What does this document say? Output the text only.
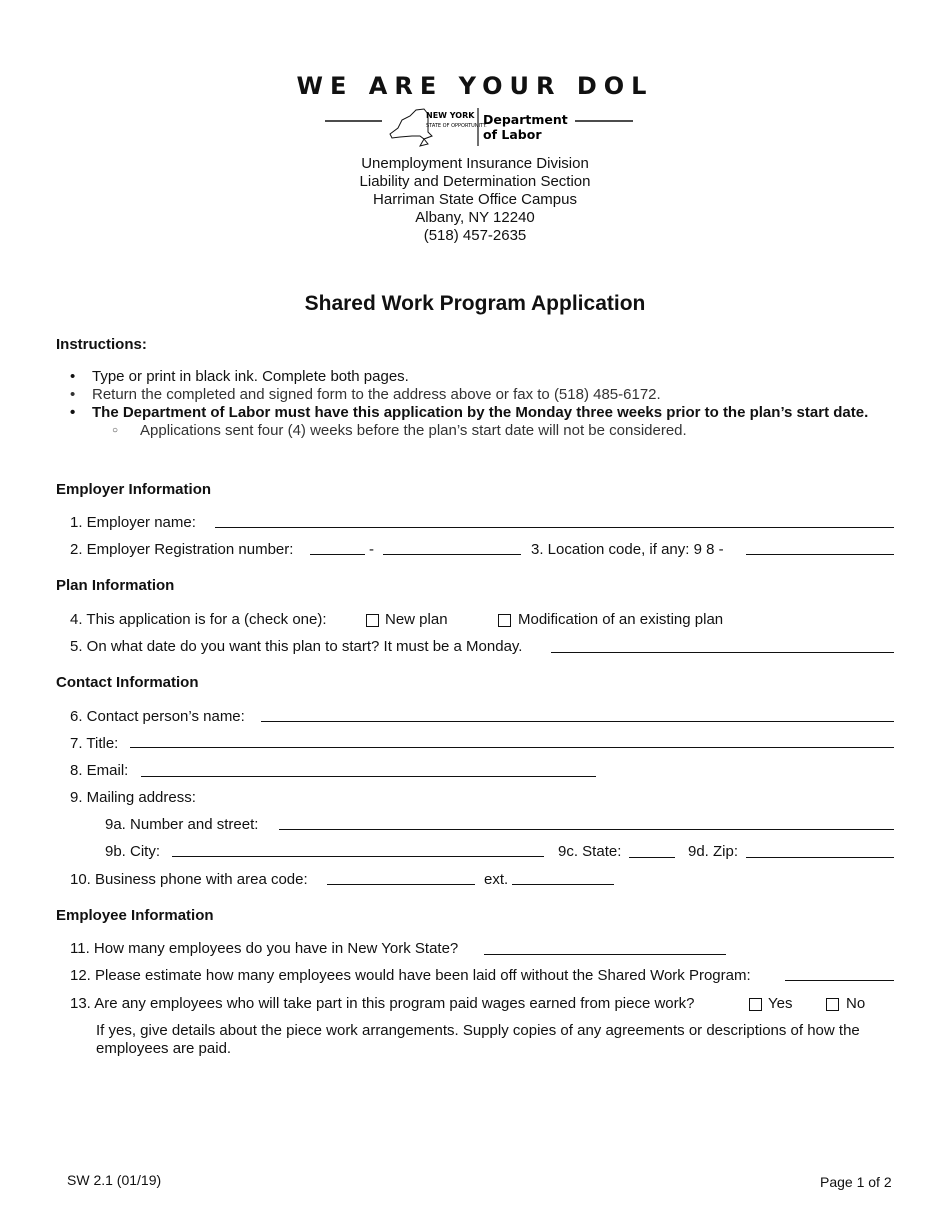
WE ARE YOUR DOL
NEW YORK
STATE OF OPPORTUNITY.
Department
of Labor
Unemployment Insurance Division
Liability and Determination Section
Harriman State Office Campus
Albany, NY 12240
(518) 457-2635
Shared Work Program Application
Instructions:
• Type or print in black ink. Complete both pages.
• Return the completed and signed form to the address above or fax to (518) 485-6172.
• The Department of Labor must have this application by the Monday three weeks prior to the plan’s start date.
○ Applications sent four (4) weeks before the plan’s start date will not be considered.
Employer Information
1. Employer name:
2. Employer Registration number:	-	3. Location code, if any: 9 8 -
Plan Information
4. This application is for a (check one):	New plan	Modification of an existing plan
5. On what date do you want this plan to start? It must be a Monday.
Contact Information
6. Contact person’s name:
7. Title:
8. Email:
9. Mailing address:
9a. Number and street:
9b. City:	9c. State:	9d. Zip:
10. Business phone with area code:	ext.
Employee Information
11. How many employees do you have in New York State?
12. Please estimate how many employees would have been laid off without the Shared Work Program:
13. Are any employees who will take part in this program paid wages earned from piece work?	Yes	No
If yes, give details about the piece work arrangements. Supply copies of any agreements or descriptions of how the employees are paid.
SW 2.1 (01/19)	Page 1 of 2
